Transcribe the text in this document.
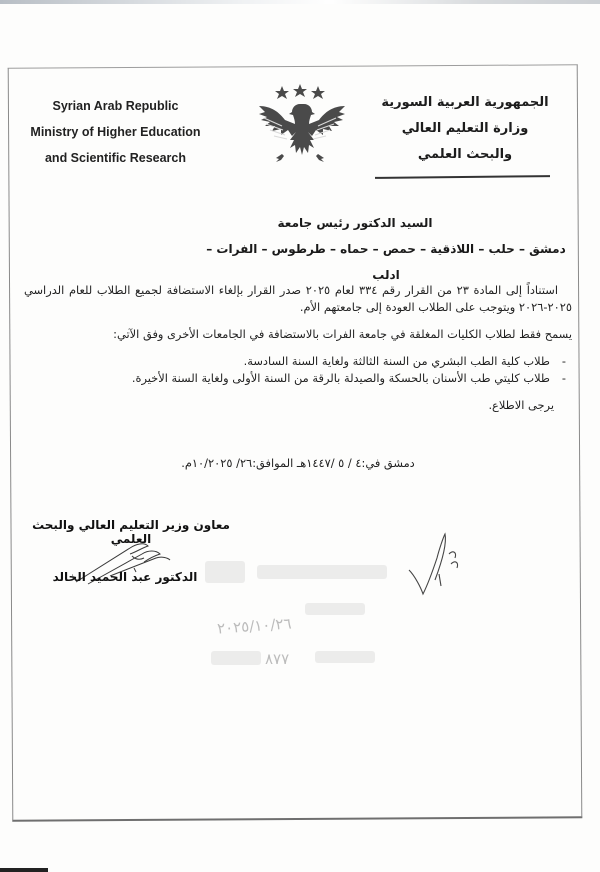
Syrian Arab Republic
Ministry of Higher Education
and Scientific Research
الجمهورية العربية السورية
وزارة التعليم العالي
والبحث العلمي
السيد الدكتور رئيس جامعة
دمشق – حلب – اللاذقية – حمص – حماه – طرطوس – الفرات – ادلب

استناداً إلى المادة ٢٣ من القرار رقم ٣٣٤ لعام ٢٠٢٥ صدر القرار بإلغاء الاستضافة لجميع الطلاب للعام الدراسي ٢٠٢٥-٢٠٢٦ ويتوجب على الطلاب العودة إلى جامعتهم الأم.

يسمح فقط لطلاب الكليات المغلقة في جامعة الفرات بالاستضافة في الجامعات الأخرى وفق الآتي:

-طلاب كلية الطب البشري من السنة الثالثة ولغاية السنة السادسة.
-طلاب كليتي طب الأسنان بالحسكة والصيدلة بالرقة من السنة الأولى ولغاية السنة الأخيرة.

يرجى الاطلاع.

دمشق في:٤ / ٥ /١٤٤٧هـ الموافق:٢٦/ ١٠/٢٠٢٥م.
معاون وزير التعليم العالي والبحث العلمي
الدكتور عبد الحميد الخالد
٢٠٢٥/١٠/٢٦
٨٧٧
